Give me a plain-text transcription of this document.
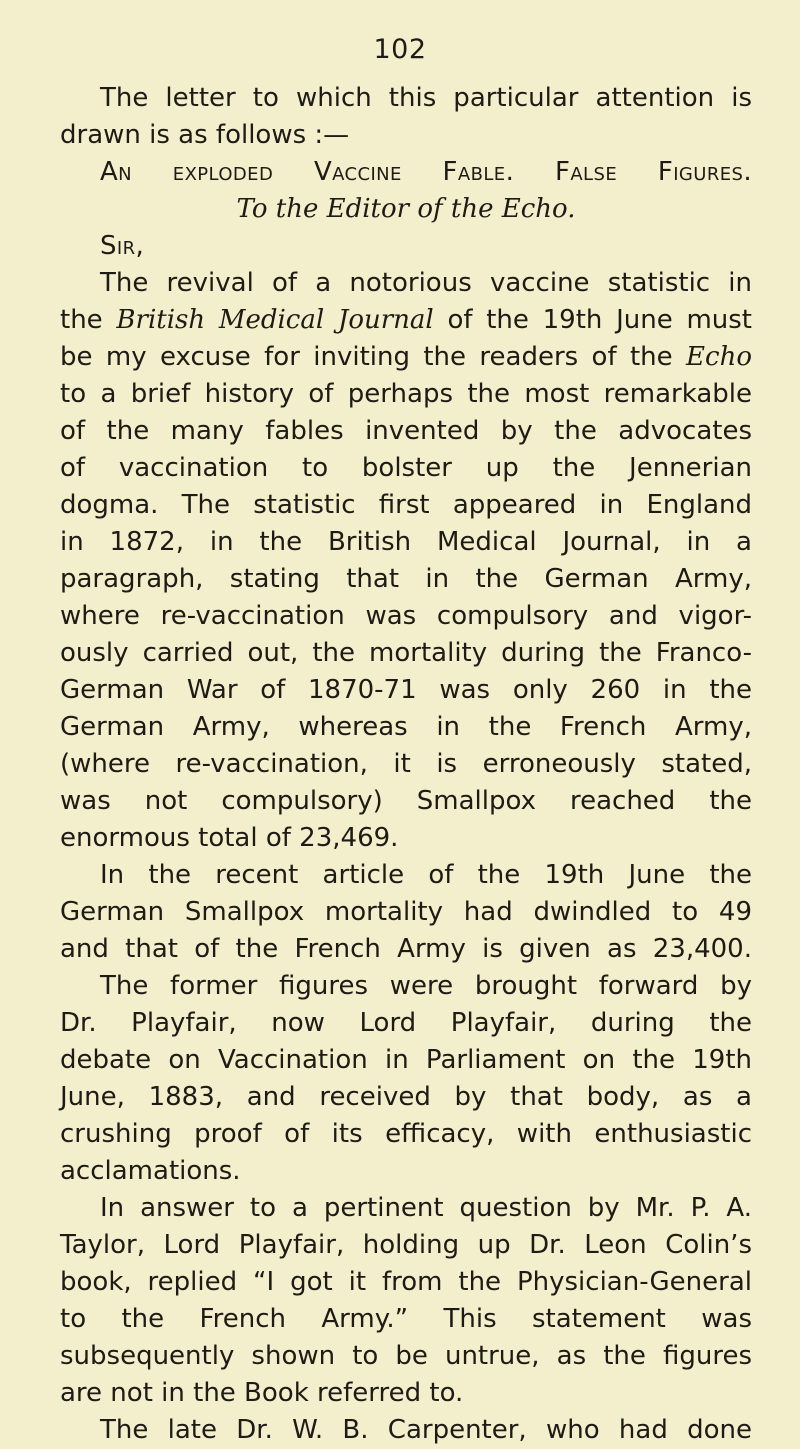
102
The letter to which this particular attention is
drawn is as follows :—
An exploded Vaccine Fable. False Figures.
To the Editor of the Echo.
Sir,
The revival of a notorious vaccine statistic in
the British Medical Journal of the 19th June must
be my excuse for inviting the readers of the Echo
to a brief history of perhaps the most remarkable
of the many fables invented by the advocates
of vaccination to bolster up the Jennerian
dogma. The statistic first appeared in England
in 1872, in the British Medical Journal, in a
paragraph, stating that in the German Army,
where re-vaccination was compulsory and vigor-
ously carried out, the mortality during the Franco-
German War of 1870-71 was only 260 in the
German Army, whereas in the French Army,
(where re-vaccination, it is erroneously stated,
was not compulsory) Smallpox reached the
enormous total of 23,469.
In the recent article of the 19th June the
German Smallpox mortality had dwindled to 49
and that of the French Army is given as 23,400.
The former figures were brought forward by
Dr. Playfair, now Lord Playfair, during the
debate on Vaccination in Parliament on the 19th
June, 1883, and received by that body, as a
crushing proof of its efficacy, with enthusiastic
acclamations.
In answer to a pertinent question by Mr. P. A.
Taylor, Lord Playfair, holding up Dr. Leon Colin’s
book, replied “I got it from the Physician-General
to the French Army.” This statement was
subsequently shown to be untrue, as the figures
are not in the Book referred to.
The late Dr. W. B. Carpenter, who had done
